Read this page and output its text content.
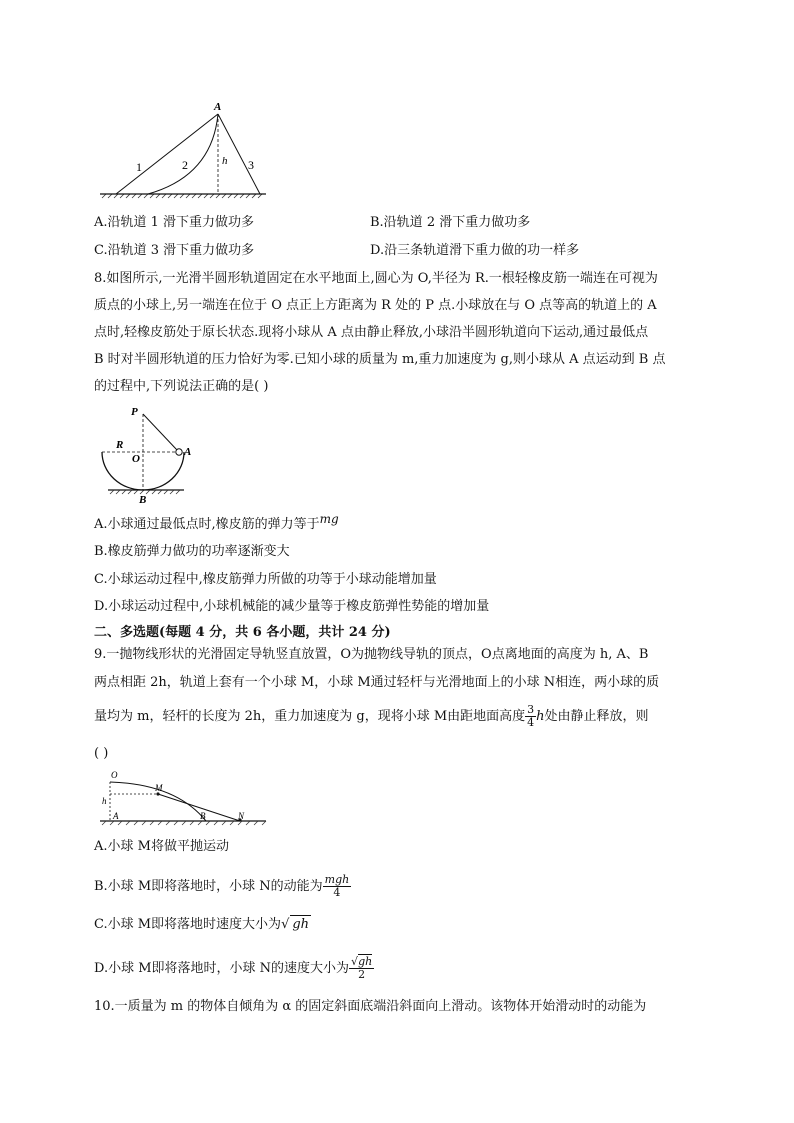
A
h
1	2	3
A.沿轨道 1 滑下重力做功多	B.沿轨道 2 滑下重力做功多
C.沿轨道 3 滑下重力做功多	D.沿三条轨道滑下重力做的功一样多
8.如图所示,一光滑半圆形轨道固定在水平地面上,圆心为 O,半径为 R.一根轻橡皮筋一端连在可视为
质点的小球上,另一端连在位于 O 点正上方距离为 R 处的 P 点.小球放在与 O 点等高的轨道上的 A
点时,轻橡皮筋处于原长状态.现将小球从 A 点由静止释放,小球沿半圆形轨道向下运动,通过最低点
B 时对半圆形轨道的压力恰好为零.已知小球的质量为 m,重力加速度为 g,则小球从 A 点运动到 B 点
的过程中,下列说法正确的是( )
P
R
O
A
B
A.小球通过最低点时,橡皮筋的弹力等于mg
B.橡皮筋弹力做功的功率逐渐变大
C.小球运动过程中,橡皮筋弹力所做的功等于小球动能增加量
D.小球运动过程中,小球机械能的减少量等于橡皮筋弹性势能的增加量
二、多选题(每题 4 分，共 6 各小题，共计 24 分)
9.一抛物线形状的光滑固定导轨竖直放置，O为抛物线导轨的顶点，O点离地面的高度为 h, A、B
两点相距 2h，轨道上套有一个小球 M，小球 M通过轻杆与光滑地面上的小球 N相连，两小球的质
量均为 m，轻杆的长度为 2h，重力加速度为 g，现将小球 M由距地面高度 $\frac{3}{4}$ h处由静止释放，则
( )
O
M
h
A	B	N
A.小球 M将做平抛运动
B.小球 M即将落地时，小球 N的动能为 $\frac{\text{mgh}}{4}$
C.小球 M即将落地时速度大小为√ gh
D.小球 M即将落地时，小球 N的速度大小为 $\frac{√gh}{2}$
10.一质量为 m 的物体自倾角为 α 的固定斜面底端沿斜面向上滑动。该物体开始滑动时的动能为
